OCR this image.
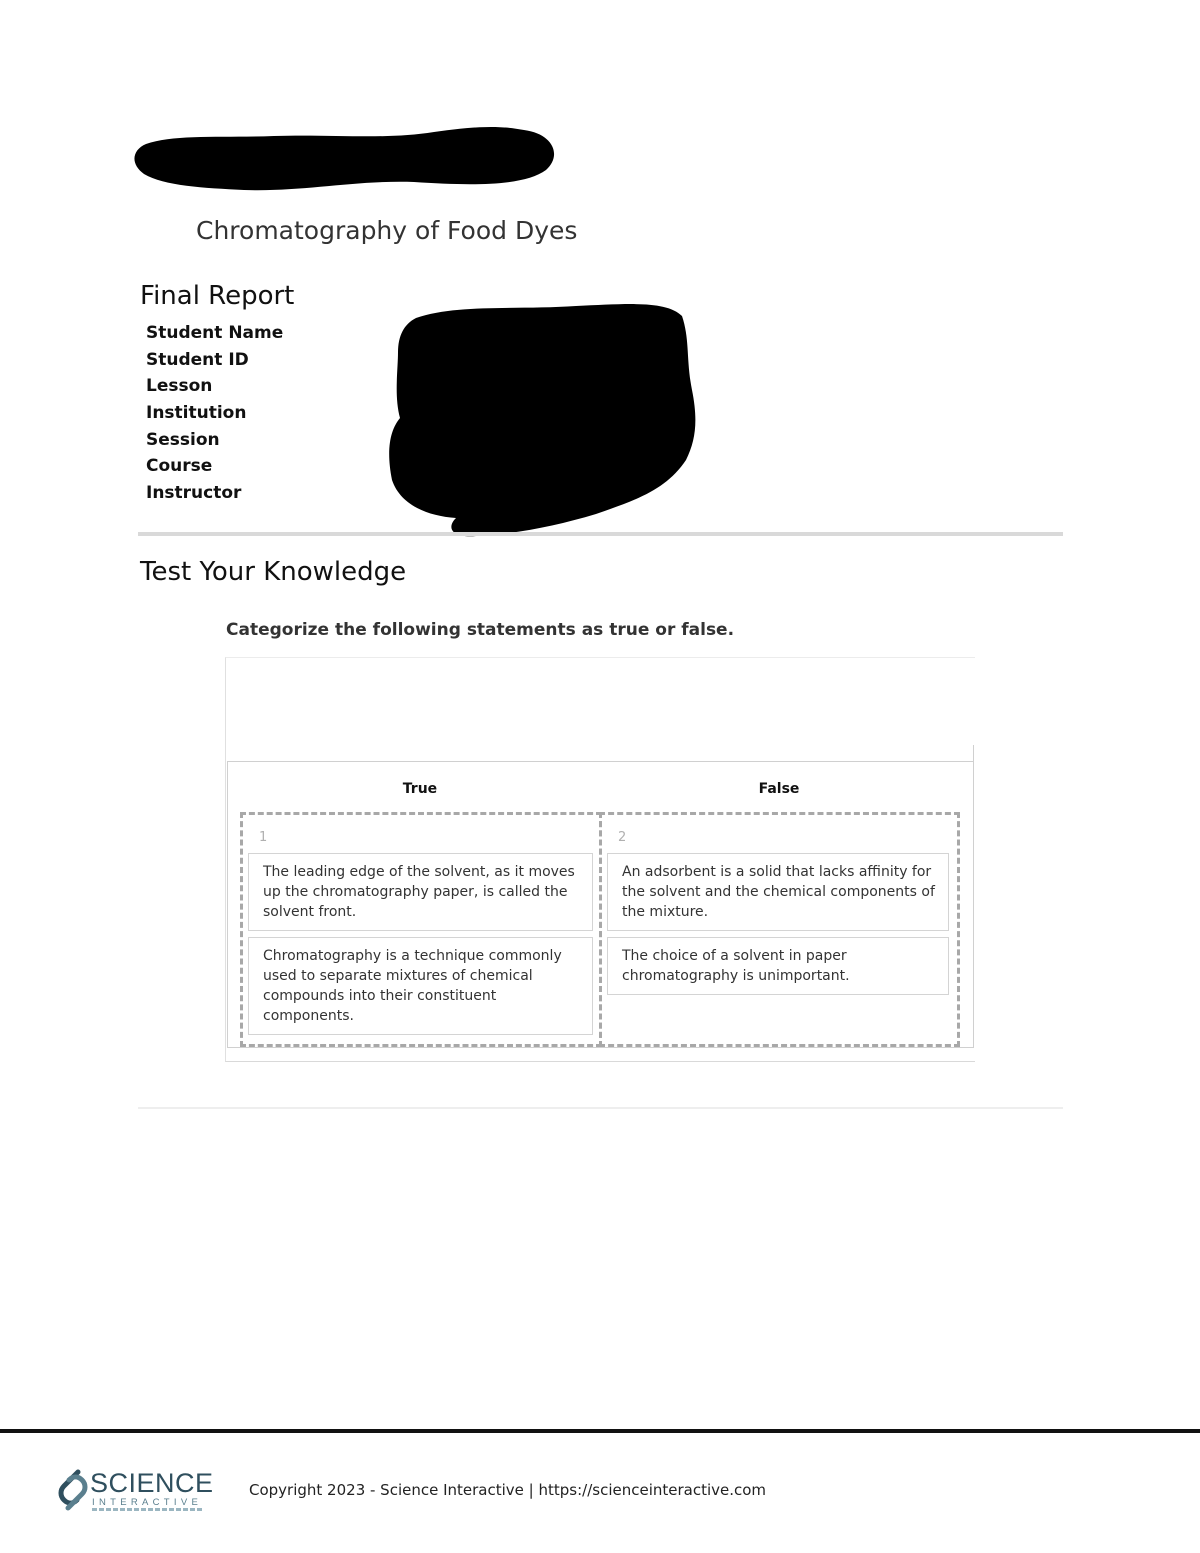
Chromatography of Food Dyes
Final Report
Student Name
Student ID
Lesson
Institution
Session
Course
Instructor
Test Your Knowledge
Categorize the following statements as true or false.
True	False
1
The leading edge of the solvent, as it moves up the chromatography paper, is called the solvent front.
Chromatography is a technique commonly used to separate mixtures of chemical compounds into their constituent components.
2
An adsorbent is a solid that lacks affinity for the solvent and the chemical components of the mixture.
The choice of a solvent in paper chromatography is unimportant.
SCIENCE
INTERACTIVE
Copyright 2023 - Science Interactive | https://scienceinteractive.com
